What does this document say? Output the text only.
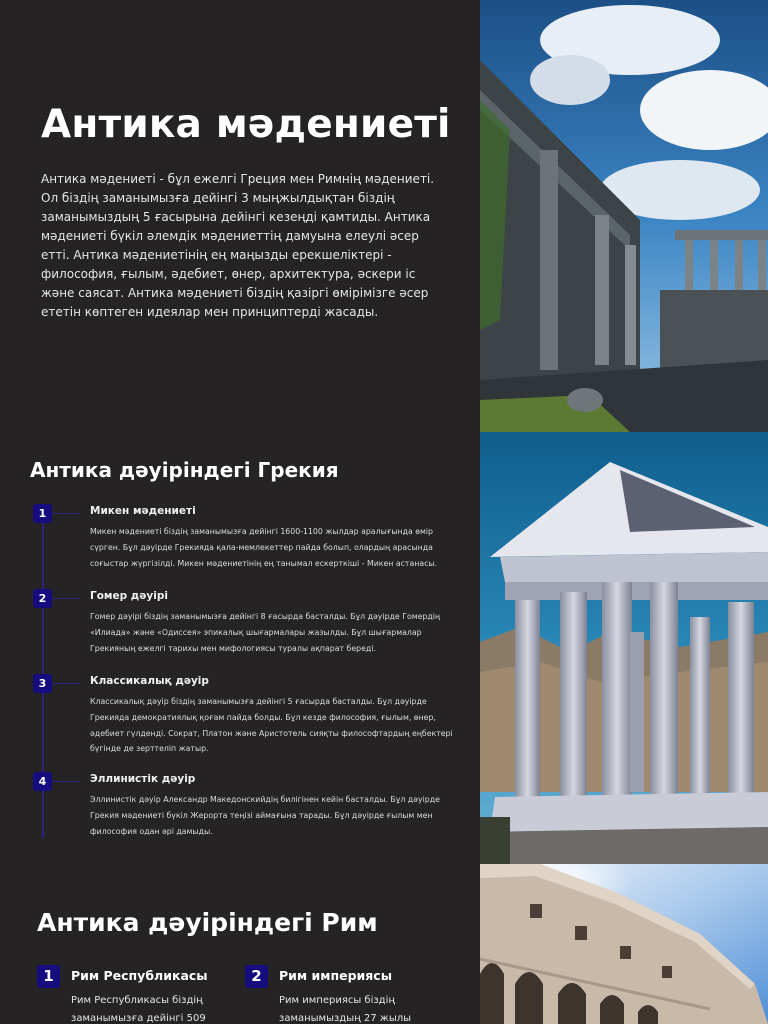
Антика мәдениеті

Антика мәдениеті - бұл ежелгі Греция мен Римнің мәдениеті. Ол біздің заманымызға дейінгі 3 мыңжылдықтан біздің заманымыздың 5 ғасырына дейінгі кезеңді қамтиды. Антика мәдениеті бүкіл әлемдік мәдениеттің дамуына елеулі әсер етті. Антика мәдениетінің ең маңызды ерекшеліктері - философия, ғылым, әдебиет, өнер, архитектура, әскери іс және саясат. Антика мәдениеті біздің қазіргі өмірімізге әсер ететін көптеген идеялар мен принциптерді жасады.

Антика дәуіріндегі Грекия
1	Микен мәдениеті
Микен мәдениеті біздің заманымызға дейінгі 1600-1100 жылдар аралығында өмір сүрген. Бұл дәуірде Грекияда қала-мемлекеттер пайда болып, олардың арасында соғыстар жүргізілді. Микен мәдениетінің ең танымал ескерткіші - Микен астанасы.
2	Гомер дәуірі
Гомер дәуірі біздің заманымызға дейінгі 8 ғасырда басталды. Бұл дәуірде Гомердің «Илиада» және «Одиссея» эпикалық шығармалары жазылды. Бұл шығармалар Грекияның ежелгі тарихы мен мифологиясы туралы ақпарат береді.
3	Классикалық дәуір
Классикалық дәуір біздің заманымызға дейінгі 5 ғасырда басталды. Бұл дәуірде Грекияда демократиялық қоғам пайда болды. Бұл кезде философия, ғылым, өнер, әдебиет гүлденді. Сократ, Платон және Аристотель сияқты философтардың еңбектері бүгінде де зерттеліп жатыр.
4	Эллинистік дәуір
Эллинистік дәуір Александр Македонскийдің билігінен кейін басталды. Бұл дәуірде Грекия мәдениеті бүкіл Жерорта теңізі аймағына тарады. Бұл дәуірде ғылым мен философия одан әрі дамыды.
Антика дәуіріндегі Рим
1	Рим Республикасы
Рим Республикасы біздің заманымызға дейінгі 509
2	Рим империясы
Рим империясы біздің заманымыздың 27 жылы
